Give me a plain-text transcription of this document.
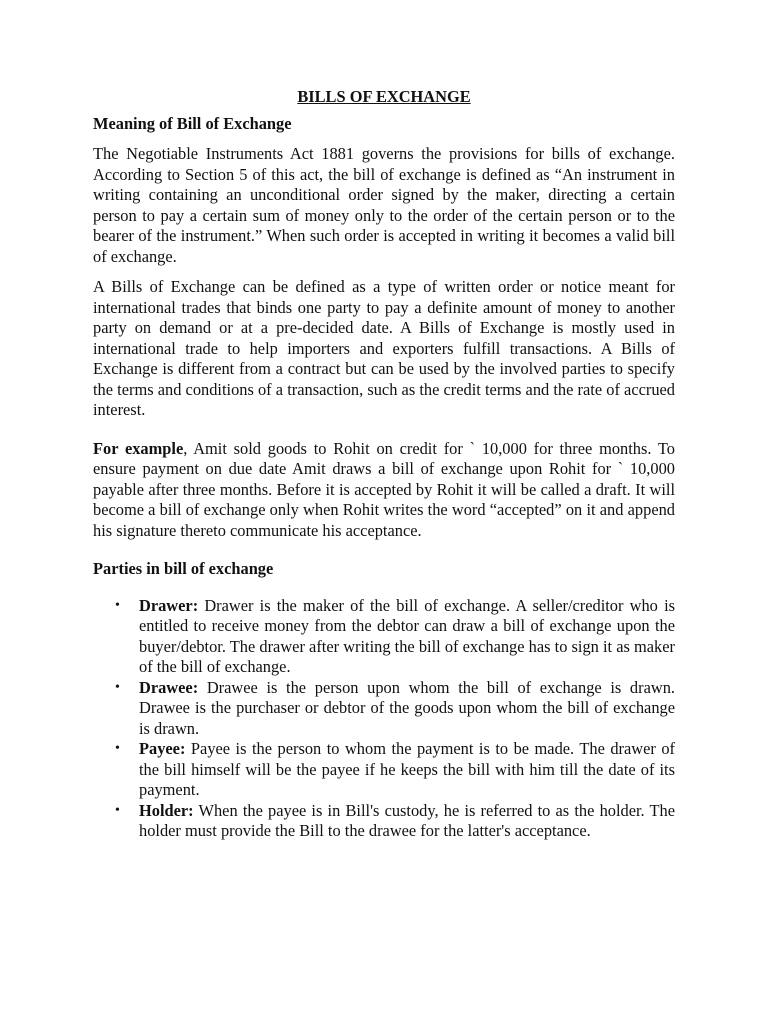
BILLS OF EXCHANGE
Meaning of Bill of Exchange

The Negotiable Instruments Act 1881 governs the provisions for bills of exchange. According to Section 5 of this act, the bill of exchange is defined as “An instrument in writing containing an unconditional order signed by the maker, directing a certain person to pay a certain sum of money only to the order of the certain person or to the bearer of the instrument.” When such order is accepted in writing it becomes a valid bill of exchange.

A Bills of Exchange can be defined as a type of written order or notice meant for international trades that binds one party to pay a definite amount of money to another party on demand or at a pre-decided date. A Bills of Exchange is mostly used in international trade to help importers and exporters fulfill transactions. A Bills of Exchange is different from a contract but can be used by the involved parties to specify the terms and conditions of a transaction, such as the credit terms and the rate of accrued interest.

For example, Amit sold goods to Rohit on credit for ` 10,000 for three months. To ensure payment on due date Amit draws a bill of exchange upon Rohit for ` 10,000 payable after three months. Before it is accepted by Rohit it will be called a draft. It will become a bill of exchange only when Rohit writes the word “accepted” on it and append his signature thereto communicate his acceptance.

Parties in bill of exchange
• Drawer: Drawer is the maker of the bill of exchange. A seller/creditor who is entitled to receive money from the debtor can draw a bill of exchange upon the buyer/debtor. The drawer after writing the bill of exchange has to sign it as maker of the bill of exchange.
• Drawee: Drawee is the person upon whom the bill of exchange is drawn. Drawee is the purchaser or debtor of the goods upon whom the bill of exchange is drawn.
• Payee: Payee is the person to whom the payment is to be made. The drawer of the bill himself will be the payee if he keeps the bill with him till the date of its payment.
• Holder: When the payee is in Bill's custody, he is referred to as the holder. The holder must provide the Bill to the drawee for the latter's acceptance.
